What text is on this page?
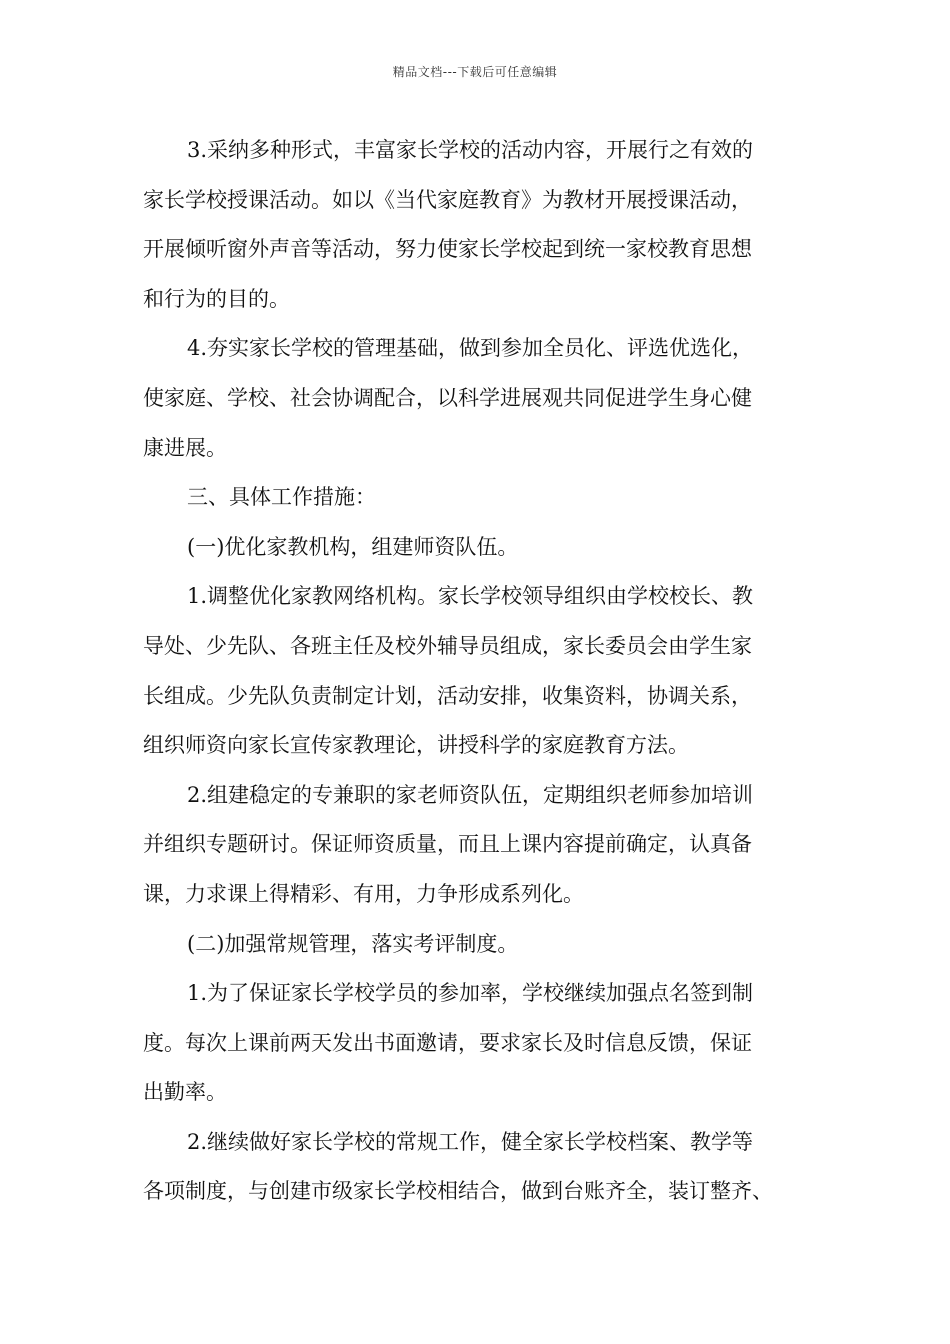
精品文档---下载后可任意编辑
3.采纳多种形式，丰富家长学校的活动内容，开展行之有效的
家长学校授课活动。如以《当代家庭教育》为教材开展授课活动，
开展倾听窗外声音等活动，努力使家长学校起到统一家校教育思想
和行为的目的。
4.夯实家长学校的管理基础，做到参加全员化、评选优选化，
使家庭、学校、社会协调配合，以科学进展观共同促进学生身心健
康进展。
三、具体工作措施：
(一)优化家教机构，组建师资队伍。
1.调整优化家教网络机构。家长学校领导组织由学校校长、教
导处、少先队、各班主任及校外辅导员组成，家长委员会由学生家
长组成。少先队负责制定计划，活动安排，收集资料，协调关系，
组织师资向家长宣传家教理论，讲授科学的家庭教育方法。
2.组建稳定的专兼职的家老师资队伍，定期组织老师参加培训
并组织专题研讨。保证师资质量，而且上课内容提前确定，认真备
课，力求课上得精彩、有用，力争形成系列化。
(二)加强常规管理，落实考评制度。
1.为了保证家长学校学员的参加率，学校继续加强点名签到制
度。每次上课前两天发出书面邀请，要求家长及时信息反馈，保证
出勤率。
2.继续做好家长学校的常规工作，健全家长学校档案、教学等
各项制度，与创建市级家长学校相结合，做到台账齐全，装订整齐、
